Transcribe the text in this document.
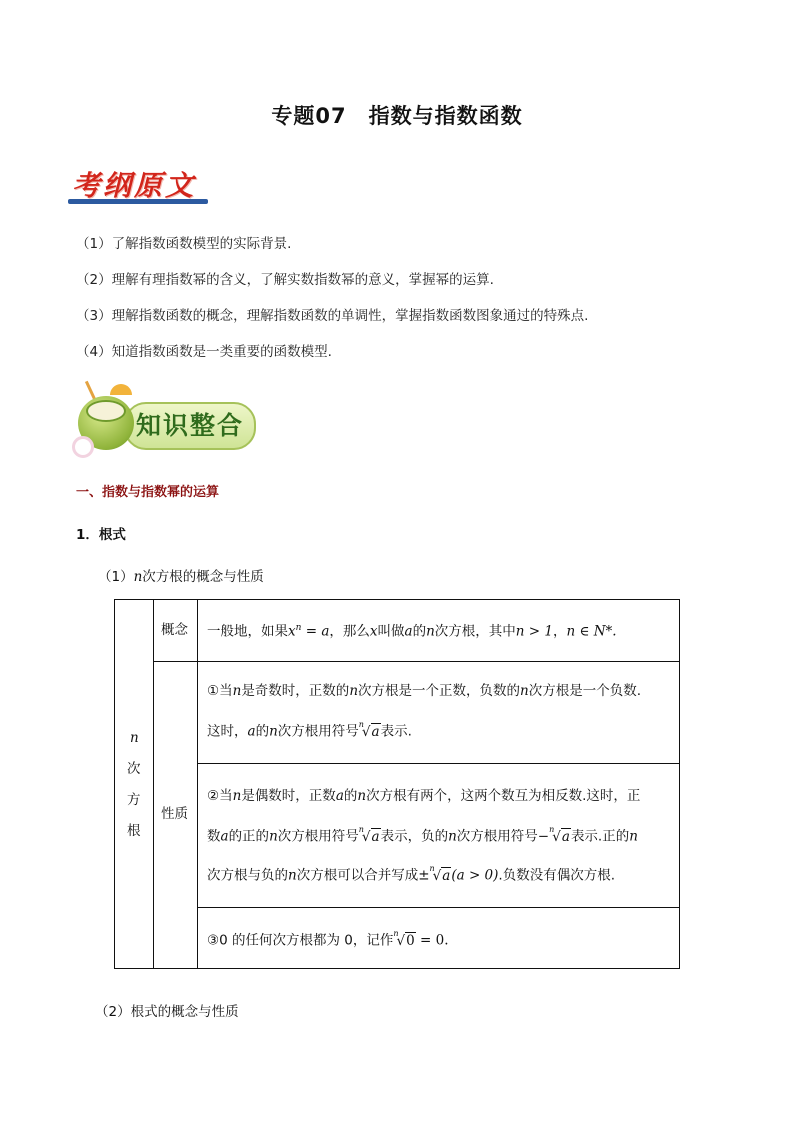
专题07　指数与指数函数
考纲原文
（1）了解指数函数模型的实际背景.
（2）理解有理指数幂的含义，了解实数指数幂的意义，掌握幂的运算.
（3）理解指数函数的概念，理解指数函数的单调性，掌握指数函数图象通过的特殊点.
（4）知道指数函数是一类重要的函数模型.
知识整合
一、指数与指数幂的运算
1．根式
（1）n次方根的概念与性质
n
次
方
根
概念
性质
一般地，如果$x^n = a$，那么x叫做a的n次方根，其中n > 1，n ∈ N*.
①当n是奇数时，正数的n次方根是一个正数，负数的n次方根是一个负数.
这时，a的n次方根用符号$^n$√a表示.
②当n是偶数时，正数a的n次方根有两个，这两个数互为相反数.这时，正
数a的正的n次方根用符号$^n$√a表示，负的n次方根用符号−$^n$√a表示.正的n
次方根与负的n次方根可以合并写成±$^n$√a(a > 0).负数没有偶次方根.
③0 的任何次方根都为 0，记作$^n$√0 = 0.
（2）根式的概念与性质
